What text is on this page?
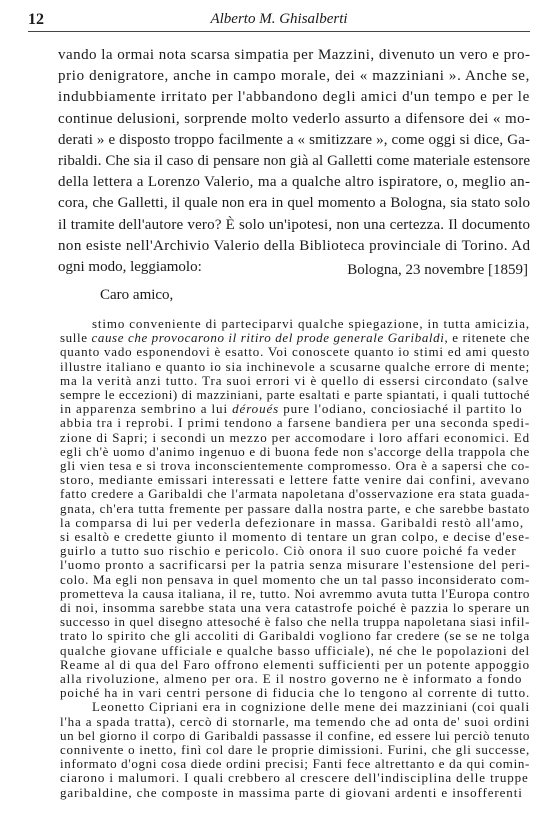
12	Alberto M. Ghisalberti
vando la ormai nota scarsa simpatia per Mazzini, divenuto un vero e pro-
prio denigratore, anche in campo morale, dei « mazziniani ». Anche se,
indubbiamente irritato per l'abbandono degli amici d'un tempo e per le
continue delusioni, sorprende molto vederlo assurto a difensore dei « mo-
derati » e disposto troppo facilmente a « smitizzare », come oggi si dice, Ga-
ribaldi. Che sia il caso di pensare non già al Galletti come materiale estensore
della lettera a Lorenzo Valerio, ma a qualche altro ispiratore, o, meglio an-
cora, che Galletti, il quale non era in quel momento a Bologna, sia stato solo
il tramite dell'autore vero? È solo un'ipotesi, non una certezza. Il documento
non esiste nell'Archivio Valerio della Biblioteca provinciale di Torino. Ad
ogni modo, leggiamolo:	Bologna, 23 novembre [1859]
Caro amico,
stimo conveniente di parteciparvi qualche spiegazione, in tutta amicizia,
sulle cause che provocarono il ritiro del prode generale Garibaldi, e ritenete che
quanto vado esponendovi è esatto. Voi conoscete quanto io stimi ed ami questo
illustre italiano e quanto io sia inchinevole a scusarne qualche errore di mente;
ma la verità anzi tutto. Tra suoi errori vi è quello di essersi circondato (salve
sempre le eccezioni) di mazziniani, parte esaltati e parte spiantati, i quali tuttoché
in apparenza sembrino a lui déroués pure l'odiano, conciosiaché il partito lo
abbia tra i reprobi. I primi tendono a farsene bandiera per una seconda spedi-
zione di Sapri; i secondi un mezzo per accomodare i loro affari economici. Ed
egli ch'è uomo d'animo ingenuo e di buona fede non s'accorge della trappola che
gli vien tesa e si trova inconscientemente compromesso. Ora è a sapersi che co-
storo, mediante emissari interessati e lettere fatte venire dai confini, avevano
fatto credere a Garibaldi che l'armata napoletana d'osservazione era stata guada-
gnata, ch'era tutta fremente per passare dalla nostra parte, e che sarebbe bastato
la comparsa di lui per vederla defezionare in massa. Garibaldi restò all'amo,
si esaltò e credette giunto il momento di tentare un gran colpo, e decise d'ese-
guirlo a tutto suo rischio e pericolo. Ciò onora il suo cuore poiché fa veder
l'uomo pronto a sacrificarsi per la patria senza misurare l'estensione del peri-
colo. Ma egli non pensava in quel momento che un tal passo inconsiderato com-
prometteva la causa italiana, il re, tutto. Noi avremmo avuta tutta l'Europa contro
di noi, insomma sarebbe stata una vera catastrofe poiché è pazzia lo sperare un
successo in quel disegno attesoché è falso che nella truppa napoletana siasi infil-
trato lo spirito che gli accoliti di Garibaldi vogliono far credere (se se ne tolga
qualche giovane ufficiale e qualche basso ufficiale), né che le popolazioni del
Reame al di qua del Faro offrono elementi sufficienti per un potente appoggio
alla rivoluzione, almeno per ora. E il nostro governo ne è informato a fondo
poiché ha in vari centri persone di fiducia che lo tengono al corrente di tutto.
Leonetto Cipriani era in cognizione delle mene dei mazziniani (coi quali
l'ha a spada tratta), cercò di stornarle, ma temendo che ad onta de' suoi ordini
un bel giorno il corpo di Garibaldi passasse il confine, ed essere lui perciò tenuto
connivente o inetto, finì col dare le proprie dimissioni. Furini, che gli successe,
informato d'ogni cosa diede ordini precisi; Fanti fece altrettanto e da qui comin-
ciarono i malumori. I quali crebbero al crescere dell'indisciplina delle truppe
garibaldine, che composte in massima parte di giovani ardenti e insofferenti
